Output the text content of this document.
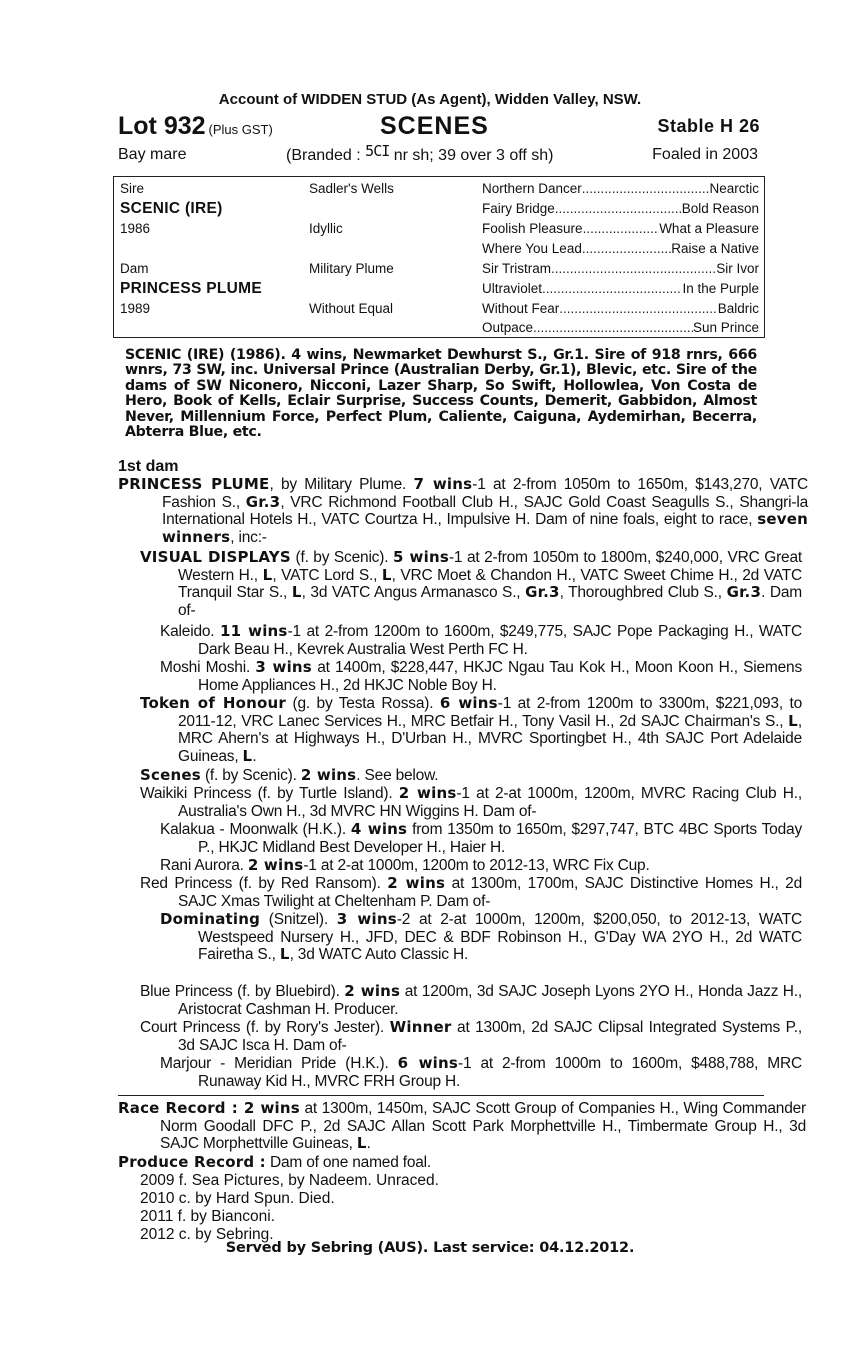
Account of WIDDEN STUD (As Agent), Widden Valley, NSW.
Lot 932 (Plus GST)	SCENES	Stable H 26
Bay mare	(Branded : 5CI nr sh; 39 over 3 off sh)	Foaled in 2003
Sire	Sadler's Wells	Northern Dancer .....	Nearctic
SCENIC (IRE)	Fairy Bridge .....	Bold Reason
1986	Idyllic	Foolish Pleasure .....	What a Pleasure
Where You Lead .....	Raise a Native
Dam	Military Plume	Sir Tristram .....	Sir Ivor
PRINCESS PLUME	Ultraviolet .....	In the Purple
1989	Without Equal	Without Fear .....	Baldric
Outpace .....	Sun Prince
SCENIC (IRE) (1986). 4 wins, Newmarket Dewhurst S., Gr.1. Sire of 918 rnrs, 666 wnrs, 73 SW, inc. Universal Prince (Australian Derby, Gr.1), Blevic, etc. Sire of the dams of SW Niconero, Nicconi, Lazer Sharp, So Swift, Hollowlea, Von Costa de Hero, Book of Kells, Eclair Surprise, Success Counts, Demerit, Gabbidon, Almost Never, Millennium Force, Perfect Plum, Caliente, Caiguna, Aydemirhan, Becerra, Abterra Blue, etc.
1st dam
PRINCESS PLUME, by Military Plume. 7 wins-1 at 2-from 1050m to 1650m, $143,270, VATC Fashion S., Gr.3, VRC Richmond Football Club H., SAJC Gold Coast Seagulls S., Shangri-la International Hotels H., VATC Courtza H., Impulsive H. Dam of nine foals, eight to race, seven winners, inc:-
VISUAL DISPLAYS (f. by Scenic). 5 wins-1 at 2-from 1050m to 1800m, $240,000, VRC Great Western H., L, VATC Lord S., L, VRC Moet & Chandon H., VATC Sweet Chime H., 2d VATC Tranquil Star S., L, 3d VATC Angus Armanasco S., Gr.3, Thoroughbred Club S., Gr.3. Dam of-
Kaleido. 11 wins-1 at 2-from 1200m to 1600m, $249,775, SAJC Pope Packaging H., WATC Dark Beau H., Kevrek Australia West Perth FC H.
Moshi Moshi. 3 wins at 1400m, $228,447, HKJC Ngau Tau Kok H., Moon Koon H., Siemens Home Appliances H., 2d HKJC Noble Boy H.
Token of Honour (g. by Testa Rossa). 6 wins-1 at 2-from 1200m to 3300m, $221,093, to 2011-12, VRC Lanec Services H., MRC Betfair H., Tony Vasil H., 2d SAJC Chairman's S., L, MRC Ahern's at Highways H., D'Urban H., MVRC Sportingbet H., 4th SAJC Port Adelaide Guineas, L.
Scenes (f. by Scenic). 2 wins. See below.
Waikiki Princess (f. by Turtle Island). 2 wins-1 at 2-at 1000m, 1200m, MVRC Racing Club H., Australia's Own H., 3d MVRC HN Wiggins H. Dam of-
Kalakua - Moonwalk (H.K.). 4 wins from 1350m to 1650m, $297,747, BTC 4BC Sports Today P., HKJC Midland Best Developer H., Haier H.
Rani Aurora. 2 wins-1 at 2-at 1000m, 1200m to 2012-13, WRC Fix Cup.
Red Princess (f. by Red Ransom). 2 wins at 1300m, 1700m, SAJC Distinctive Homes H., 2d SAJC Xmas Twilight at Cheltenham P. Dam of-
Dominating (Snitzel). 3 wins-2 at 2-at 1000m, 1200m, $200,050, to 2012-13, WATC Westspeed Nursery H., JFD, DEC & BDF Robinson H., G'Day WA 2YO H., 2d WATC Fairetha S., L, 3d WATC Auto Classic H.
Blue Princess (f. by Bluebird). 2 wins at 1200m, 3d SAJC Joseph Lyons 2YO H., Honda Jazz H., Aristocrat Cashman H. Producer.
Court Princess (f. by Rory's Jester). Winner at 1300m, 2d SAJC Clipsal Integrated Systems P., 3d SAJC Isca H. Dam of-
Marjour - Meridian Pride (H.K.). 6 wins-1 at 2-from 1000m to 1600m, $488,788, MRC Runaway Kid H., MVRC FRH Group H.
Race Record : 2 wins at 1300m, 1450m, SAJC Scott Group of Companies H., Wing Commander Norm Goodall DFC P., 2d SAJC Allan Scott Park Morphettville H., Timbermate Group H., 3d SAJC Morphettville Guineas, L.
Produce Record : Dam of one named foal.
2009 f. Sea Pictures, by Nadeem. Unraced.
2010 c. by Hard Spun. Died.
2011 f. by Bianconi.
2012 c. by Sebring.
Served by Sebring (AUS). Last service: 04.12.2012.
